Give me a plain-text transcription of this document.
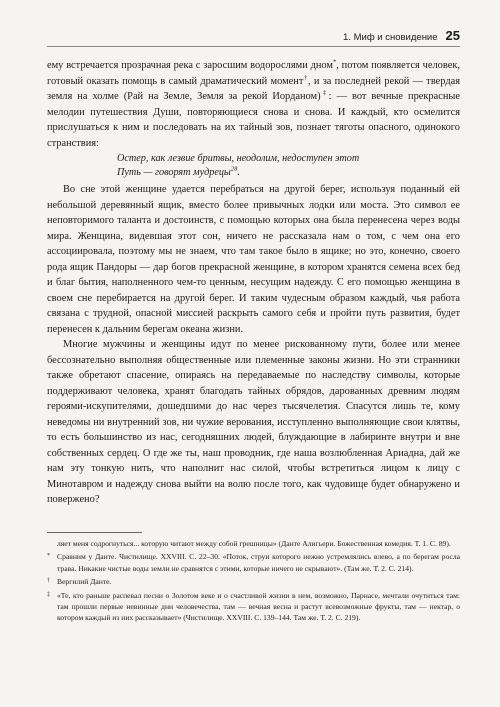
1. Миф и сновидение 25

ему встречается прозрачная река с заросшим водорослями дном*, потом появляется человек, готовый оказать помощь в самый драматический момент†, и за последней рекой — твердая земля на холме (Рай на Земле, Земля за рекой Иорданом)‡: — вот вечные прекрасные мелодии путешествия Души, повторяющиеся снова и снова. И каждый, кто осмелится прислушаться к ним и последовать на их тайный зов, познает тяготы опасного, одинокого странствия:

Остер, как лезвие бритвы, неодолим, недоступен этот
Путь — говорят мудрецы$^{28}$.

Во сне этой женщине удается перебраться на другой берег, используя поданный ей небольшой деревянный ящик, вместо более привычных лодки или моста. Это символ ее неповторимого таланта и достоинств, с помощью которых она была перенесена через воды мира. Женщина, видевшая этот сон, ничего не рассказала нам о том, с чем она его ассоциировала, поэтому мы не знаем, что там такое было в ящике; но это, конечно, своего рода ящик Пандоры — дар богов прекрасной женщине, в котором хранятся семена всех бед и благ бытия, наполненного чем-то ценным, несущим надежду. С его помощью женщина в своем сне перебирается на другой берег. И таким чудесным образом каждый, чья работа связана с трудной, опасной миссией раскрыть самого себя и пройти путь развития, будет перенесен к дальним берегам океана жизни.

Многие мужчины и женщины идут по менее рискованному пути, более или менее бессознательно выполняя общественные или племенные законы жизни. Но эти странники также обретают спасение, опираясь на передаваемые по наследству символы, которые поддерживают человека, хранят благодать тайных обрядов, дарованных древним людям героями-искупителями, дошедшими до нас через тысячелетия. Спасутся лишь те, кому неведомы ни внутренний зов, ни чужие верования, исступленно выполняющие свои клятвы, то есть большинство из нас, сегодняшних людей, блуждающие в лабиринте внутри и вне собственных сердец. О где же ты, наш проводник, где наша возлюбленная Ариадна, дай же нам эту тонкую нить, что наполнит нас силой, чтобы встретиться лицом к лицу с Минотавром и надежду снова выйти на волю после того, как чудовище будет обнаружено и повержено?

ляет меня содрогнуться... которую читают между собой грешницы» (Данте Алигьери. Божественная комедия. Т. 1. С. 89).
* Сравним у Данте. Чистилище. XXVIII. С. 22–30. «Поток, струи которого нежно устремлялись влево, а по берегам росла трава. Никакие чистые воды земли не сравнятся с этими, которые ничего не скрывают». (Там же. Т. 2. С. 214).
† Вергилий Данте.
‡ «Те, кто раньше распевал песни о Золотом веке и о счастливой жизни в нем, возможно, Парнасе, мечтали очутиться там: там прошли первые невинные дни человечества, там — вечная весна и растут всевозможные фрукты, там — нектар, о котором каждый из них рассказывает» (Чистилище. XXVIII. С. 139–144. Там же. Т. 2. С. 219).
